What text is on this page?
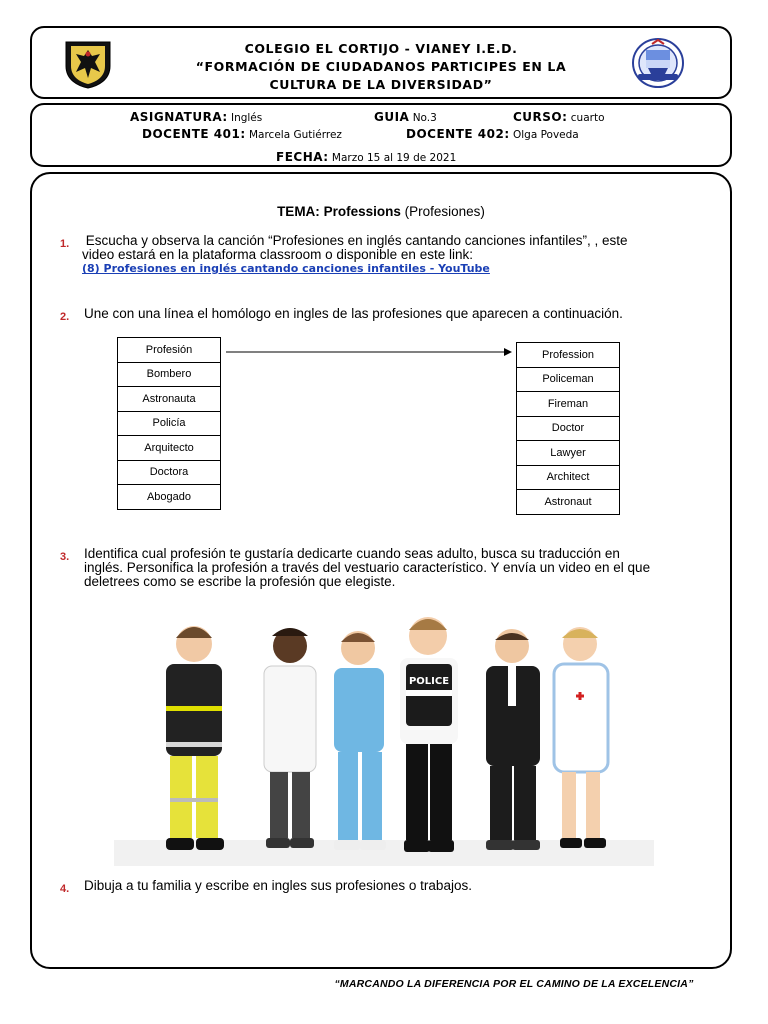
COLEGIO EL CORTIJO - VIANEY I.E.D.
“FORMACIÓN DE CIUDADANOS PARTICIPES EN LA
CULTURA DE LA DIVERSIDAD”
ASIGNATURA: Inglés	GUIA No.3	CURSO: cuarto
DOCENTE 401: Marcela Gutiérrez	DOCENTE 402: Olga Poveda
FECHA: Marzo 15 al 19 de 2021
TEMA: Professions (Profesiones)
1. Escucha y observa la canción “Profesiones en inglés cantando canciones infantiles”, , este
video estará en la plataforma classroom o disponible en este link:
(8) Profesiones en inglés cantando canciones infantiles - YouTube
2. Une con una línea el homólogo en ingles de las profesiones que aparecen a continuación.
Profesión
Bombero
Astronauta
Policía
Arquitecto
Doctora
Abogado
Profession
Policeman
Fireman
Doctor
Lawyer
Architect
Astronaut
3. Identifica cual profesión te gustaría dedicarte cuando seas adulto, busca su traducción en
inglés. Personifica la profesión a través del vestuario característico. Y envía un video en el que
deletrees como se escribe la profesión que elegiste.
4. Dibuja a tu familia y escribe en ingles sus profesiones o trabajos.
POLICE
“MARCANDO LA DIFERENCIA POR EL CAMINO DE LA EXCELENCIA”
